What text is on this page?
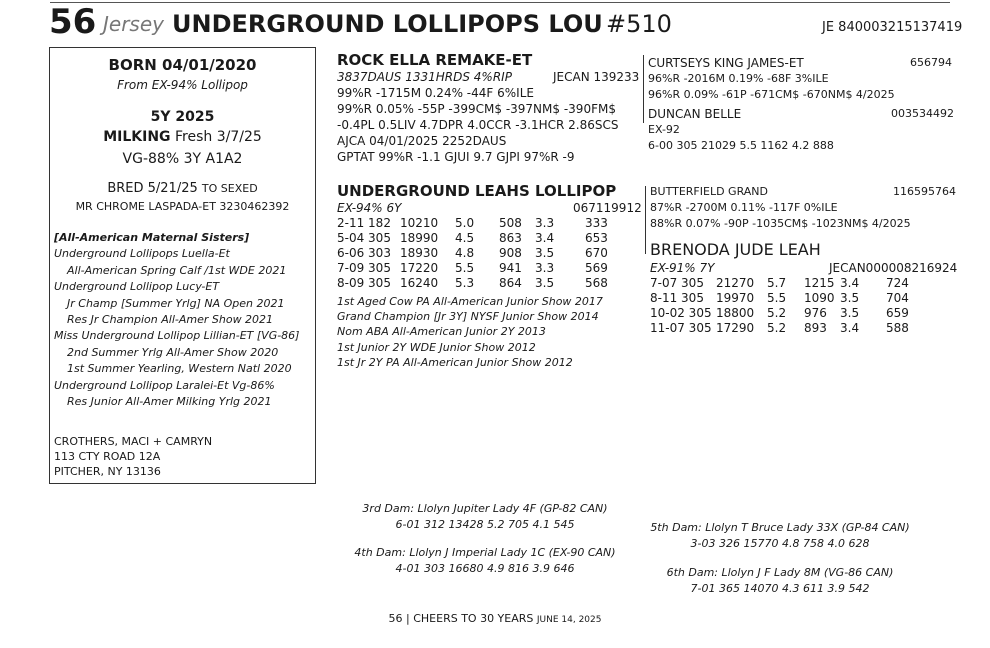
56 Jersey UNDERGROUND LOLLIPOPS LOU #510	JE 840003215137419
BORN 04/01/2020
From EX-94% Lollipop
5Y 2025
MILKING Fresh 3/7/25
VG-88% 3Y A1A2
BRED 5/21/25 TO SEXED
MR CHROME LASPADA-ET 3230462392
[All-American Maternal Sisters]
Underground Lollipops Luella-Et
All-American Spring Calf /1st WDE 2021
Underground Lollipop Lucy-ET
Jr Champ [Summer Yrlg] NA Open 2021
Res Jr Champion All-Amer Show 2021
Miss Underground Lollipop Lillian-ET [VG-86]
2nd Summer Yrlg All-Amer Show 2020
1st Summer Yearling, Western Natl 2020
Underground Lollipop Laralei-Et Vg-86%
Res Junior All-Amer Milking Yrlg 2021
CROTHERS, MACI + CAMRYN
113 CTY ROAD 12A
PITCHER, NY 13136
ROCK ELLA REMAKE-ET
3837DAUS 1331HRDS 4%RIP	JECAN 139233
99%R -1715M 0.24% -44F 6%ILE
99%R 0.05% -55P -399CM$ -397NM$ -390FM$
-0.4PL 0.5LIV 4.7DPR 4.0CCR -3.1HCR 2.86SCS
AJCA 04/01/2025 2252DAUS
GPTAT 99%R -1.1 GJUI 9.7 GJPI 97%R -9
CURTSEYS KING JAMES-ET	656794
96%R -2016M 0.19% -68F 3%ILE
96%R 0.09% -61P -671CM$ -670NM$ 4/2025
DUNCAN BELLE	003534492
EX-92
6-00 305 21029 5.5 1162 4.2 888
UNDERGROUND LEAHS LOLLIPOP
EX-94% 6Y	067119912
2-11 182 10210	5.0	508	3.3	333
5-04 305 18990	4.5	863	3.4	653
6-06 303 18930	4.8	908	3.5	670
7-09 305 17220	5.5	941	3.3	569
8-09 305 16240	5.3	864	3.5	568
1st Aged Cow PA All-American Junior Show 2017
Grand Champion [Jr 3Y] NYSF Junior Show 2014
Nom ABA All-American Junior 2Y 2013
1st Junior 2Y WDE Junior Show 2012
1st Jr 2Y PA All-American Junior Show 2012
BUTTERFIELD GRAND	116595764
87%R -2700M 0.11% -117F 0%ILE
88%R 0.07% -90P -1035CM$ -1023NM$ 4/2025
BRENODA JUDE LEAH
EX-91% 7Y	JECAN000008216924
7-07 305	21270	5.7	1215 3.4	724
8-11 305	19970	5.5	1090 3.5	704
10-02 305 18800	5.2	976	3.5	659
11-07 305 17290	5.2	893	3.4	588
3rd Dam: Llolyn Jupiter Lady 4F (GP-82 CAN)
6-01 312 13428 5.2 705 4.1 545
4th Dam: Llolyn J Imperial Lady 1C (EX-90 CAN)
4-01 303 16680 4.9 816 3.9 646
5th Dam: Llolyn T Bruce Lady 33X (GP-84 CAN)
3-03 326 15770 4.8 758 4.0 628
6th Dam: Llolyn J F Lady 8M (VG-86 CAN)
7-01 365 14070 4.3 611 3.9 542
56 | CHEERS TO 30 YEARS JUNE 14, 2025
